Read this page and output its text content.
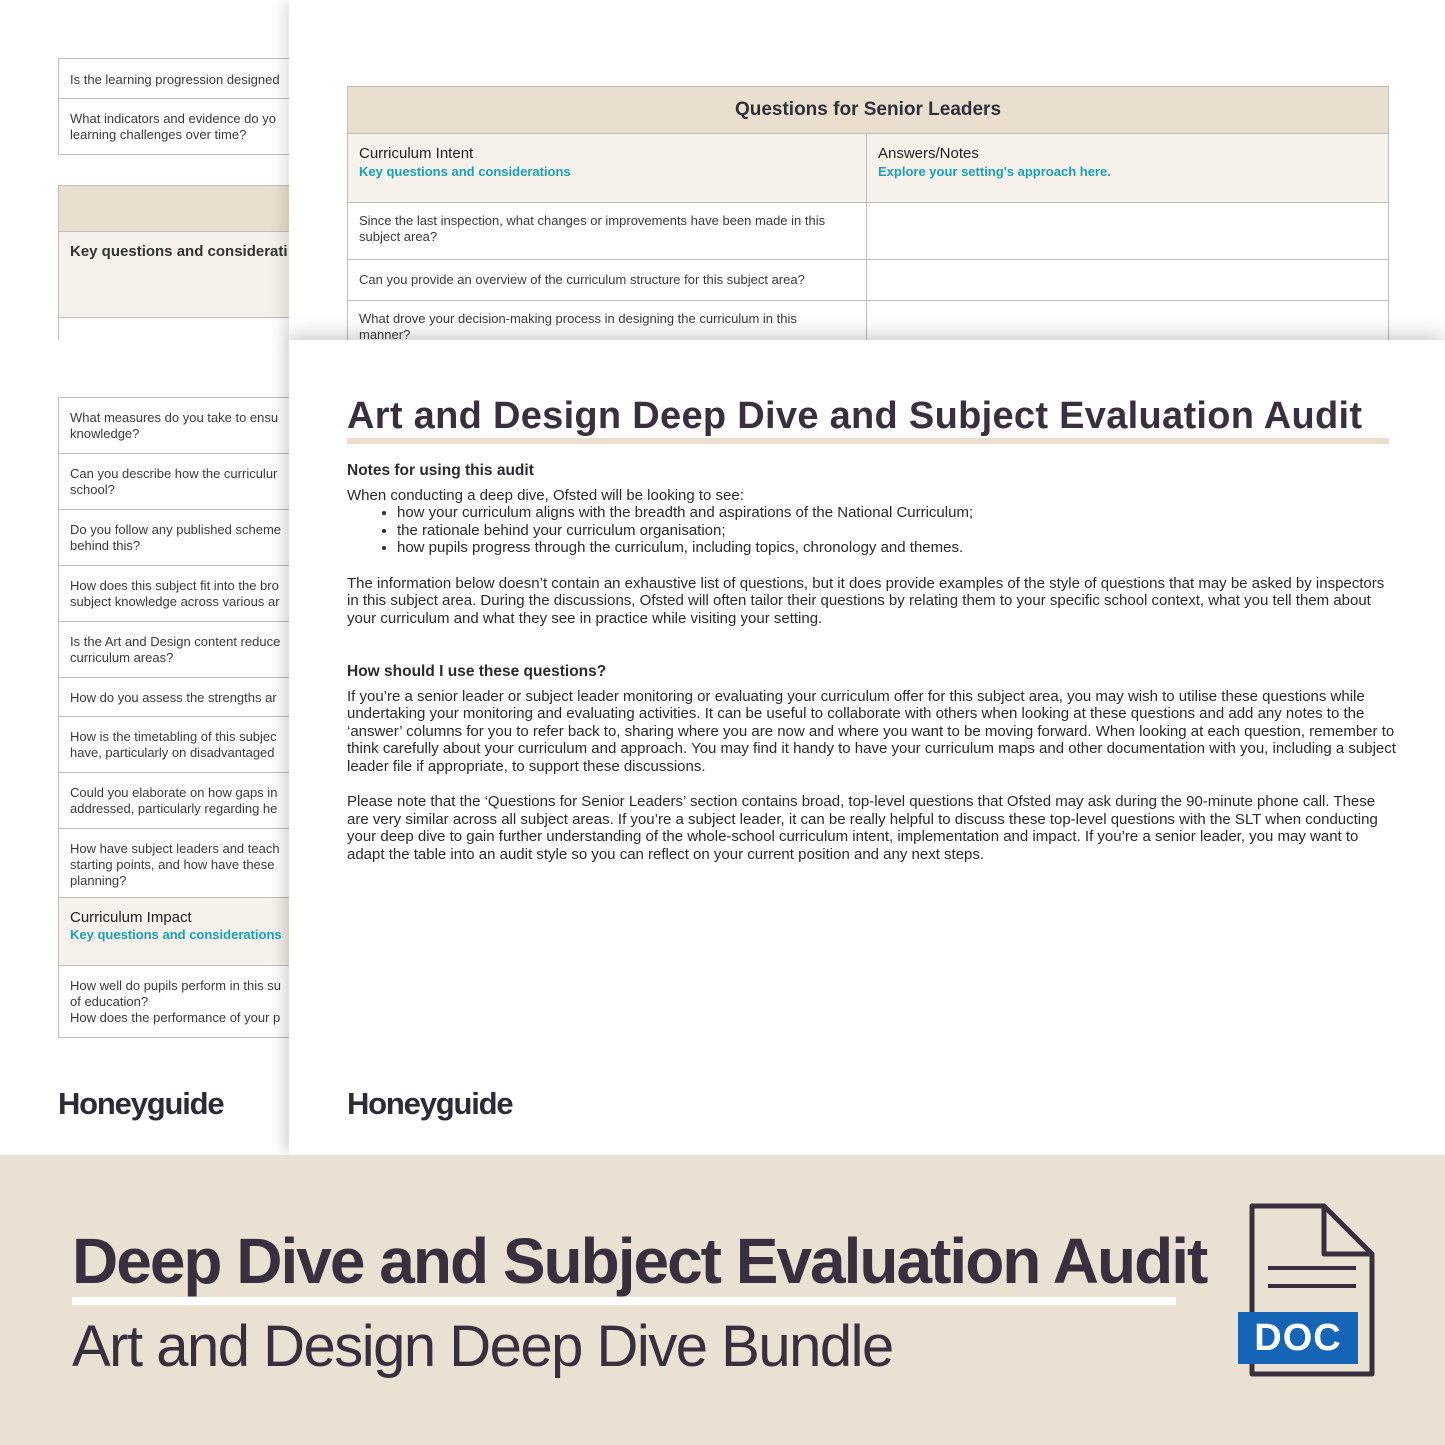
Is the learning progression designed
What indicators and evidence do yo
learning challenges over time?
Key questions and considerati
What measures do you take to ensu
knowledge?
Can you describe how the curriculur
school?
Do you follow any published scheme
behind this?
How does this subject fit into the bro
subject knowledge across various ar
Is the Art and Design content reduce
curriculum areas?
How do you assess the strengths ar
How is the timetabling of this subjec
have, particularly on disadvantaged
Could you elaborate on how gaps in
addressed, particularly regarding he
How have subject leaders and teach
starting points, and how have these
planning?
Curriculum Impact
Key questions and considerations
How well do pupils perform in this su
of education?
How does the performance of your p
Honeyguide
Questions for Senior Leaders
Curriculum Intent
Key questions and considerations
Answers/Notes
Explore your setting's approach here.
Since the last inspection, what changes or improvements have been made in this
subject area?
Can you provide an overview of the curriculum structure for this subject area?
What drove your decision-making process in designing the curriculum in this
manner?
Art and Design Deep Dive and Subject Evaluation Audit
Notes for using this audit

When conducting a deep dive, Ofsted will be looking to see:

• how your curriculum aligns with the breadth and aspirations of the National Curriculum;
• the rationale behind your curriculum organisation;
• how pupils progress through the curriculum, including topics, chronology and themes.

The information below doesn’t contain an exhaustive list of questions, but it does provide examples of the style of questions that may be asked by inspectors in this subject area. During the discussions, Ofsted will often tailor their questions by relating them to your specific school context, what you tell them about your curriculum and what they see in practice while visiting your setting.

How should I use these questions?

If you’re a senior leader or subject leader monitoring or evaluating your curriculum offer for this subject area, you may wish to utilise these questions while undertaking your monitoring and evaluating activities. It can be useful to collaborate with others when looking at these questions and add any notes to the ‘answer’ columns for you to refer back to, sharing where you are now and where you want to be moving forward. When looking at each question, remember to think carefully about your curriculum and approach. You may find it handy to have your curriculum maps and other documentation with you, including a subject leader file if appropriate, to support these discussions.

Please note that the ‘Questions for Senior Leaders’ section contains broad, top-level questions that Ofsted may ask during the 90-minute phone call. These are very similar across all subject areas. If you’re a subject leader, it can be really helpful to discuss these top-level questions with the SLT when conducting your deep dive to gain further understanding of the whole-school curriculum intent, implementation and impact. If you’re a senior leader, you may want to adapt the table into an audit style so you can reflect on your current position and any next steps.

Honeyguide
Deep Dive and Subject Evaluation Audit
Art and Design Deep Dive Bundle	DOC
